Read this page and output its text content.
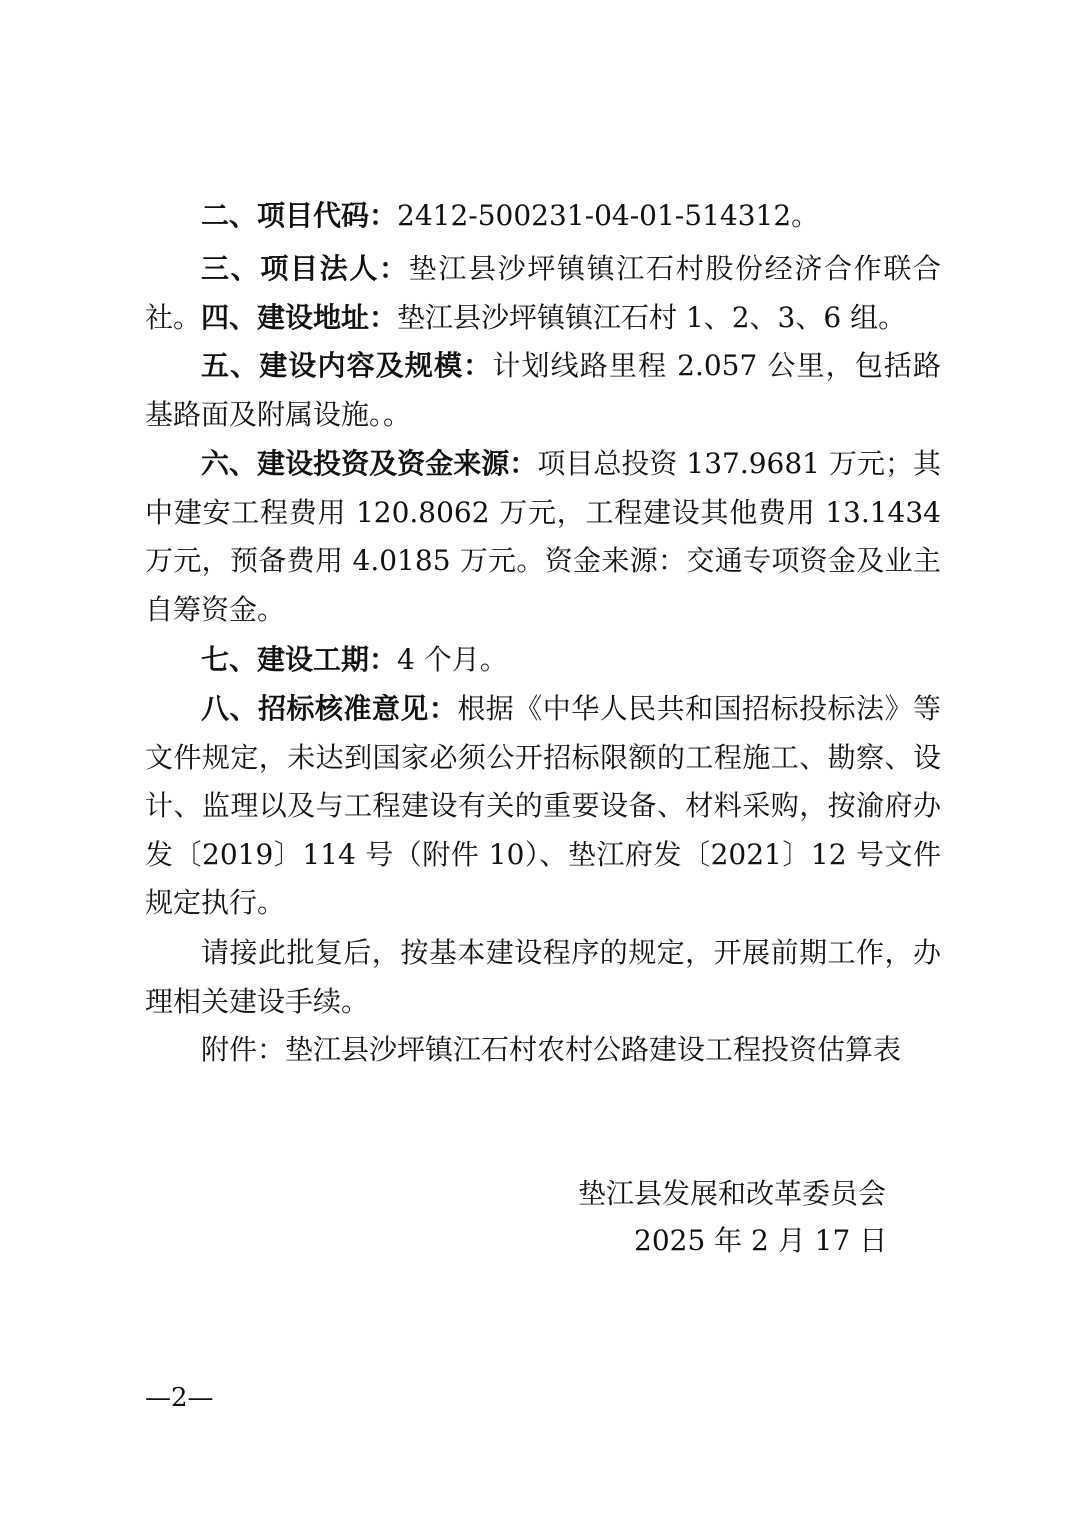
二、项目代码：2412-500231-04-01-514312。

三、项目法人：垫江县沙坪镇镇江石村股份经济合作联合社。 四、建设地址：垫江县沙坪镇镇江石村 1、2、3、6 组。

五、建设内容及规模：计划线路里程 2.057 公里，包括路基路面及附属设施。。

六、建设投资及资金来源：项目总投资 137.9681 万元；其中建安工程费用 120.8062 万元，工程建设其他费用 13.1434 万元，预备费用 4.0185 万元。资金来源：交通专项资金及业主自筹资金。

七、建设工期：4 个月。

八、招标核准意见：根据《中华人民共和国招标投标法》等文件规定，未达到国家必须公开招标限额的工程施工、勘察、设计、监理以及与工程建设有关的重要设备、材料采购，按渝府办发〔2019〕114 号（附件 10）、垫江府发〔2021〕12 号文件规定执行。

请接此批复后，按基本建设程序的规定，开展前期工作，办理相关建设手续。

附件：垫江县沙坪镇江石村农村公路建设工程投资估算表

垫江县发展和改革委员会
2025 年 2 月 17 日
—2—
